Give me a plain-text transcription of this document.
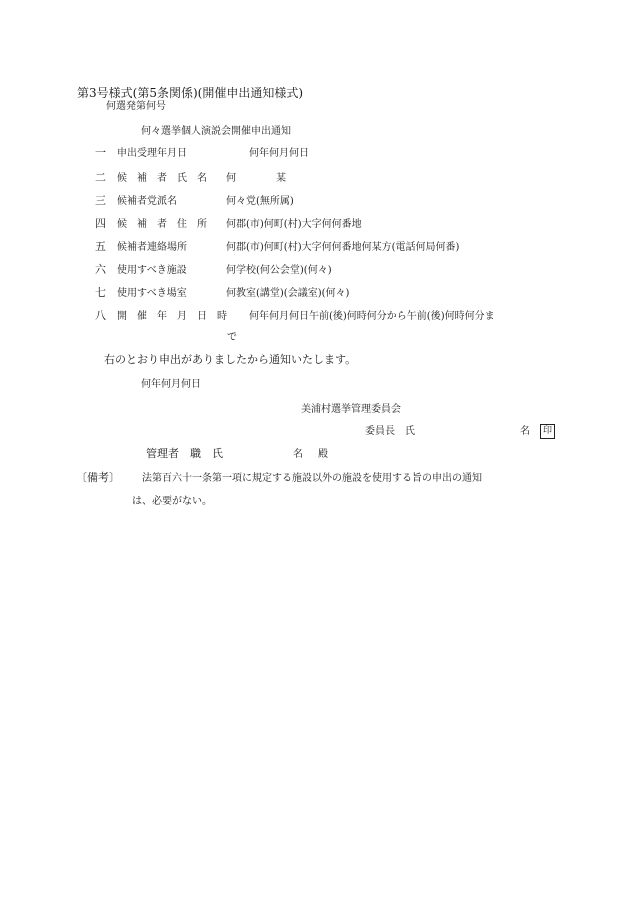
第3号様式(第5条関係)(開催申出通知様式)
何選発第何号
何々選挙個人演説会開催申出通知
一 申出受理年月日	何年何月何日
二 候　補　者　氏　名 何　　　　某
三 候補者党派名	何々党(無所属)
四 候　補　者　住　所 何郡(市)何町(村)大字何何番地
五 候補者連絡場所	何郡(市)何町(村)大字何何番地何某方(電話何局何番)
六 使用すべき施設	何学校(何公会堂)(何々)
七 使用すべき場室	何教室(講堂)(会議室)(何々)
八 開　催　年　月　日　時 何年何月何日午前(後)何時何分から午前(後)何時何分ま
で
右のとおり申出がありましたから通知いたします。
何年何月何日
美浦村選挙管理委員会
委員長　氏	名	印
管理者　職　氏	名 殿
〔備考〕 法第百六十一条第一項に規定する施設以外の施設を使用する旨の申出の通知
は、必要がない。
